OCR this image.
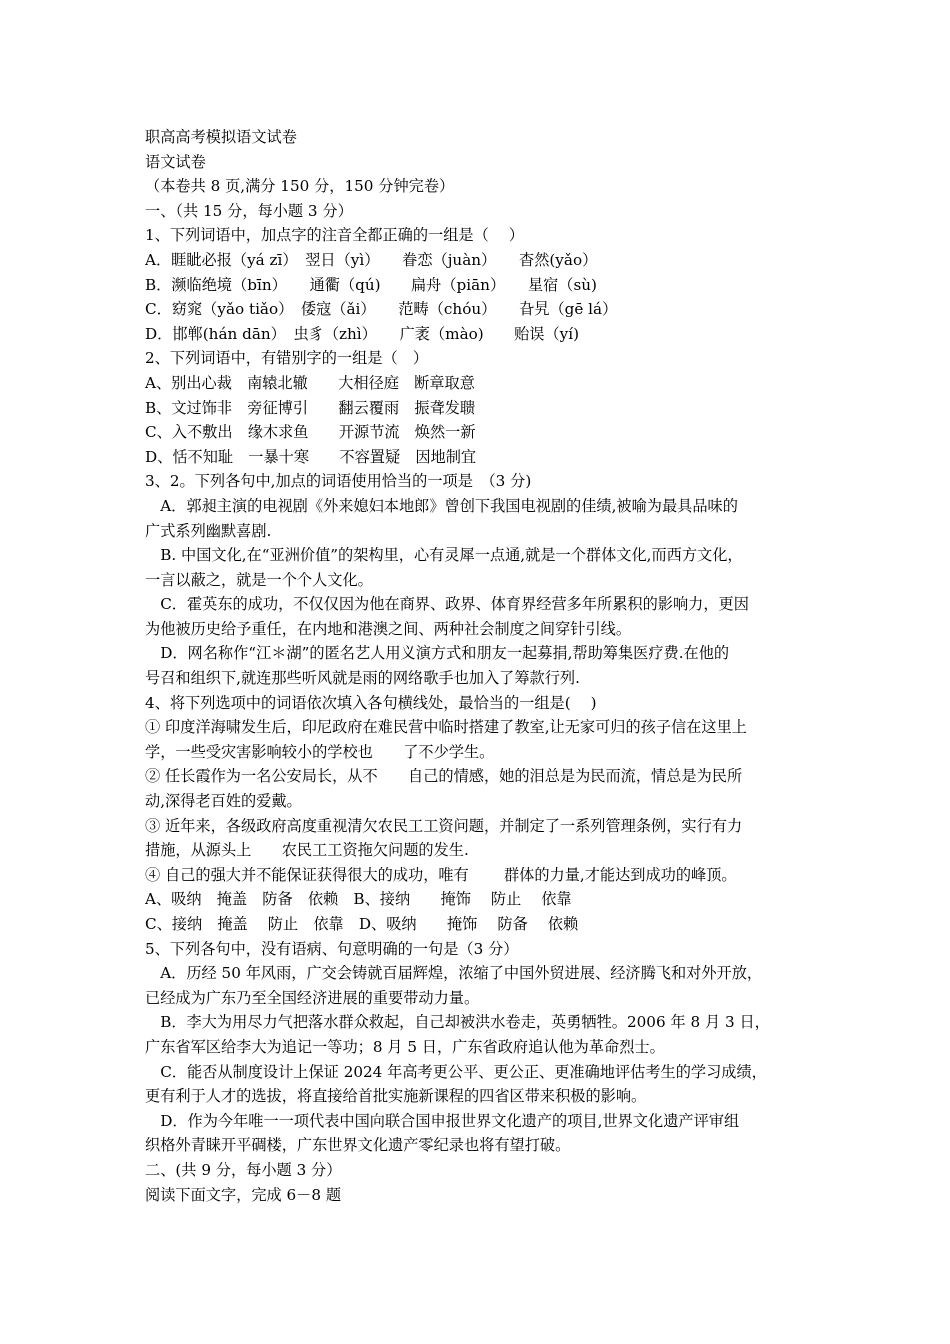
职高高考模拟语文试卷
语文试卷
（本卷共 8 页,满分 150 分，150 分钟完卷）
一、（共 15 分，每小题 3 分）
1、下列词语中，加点字的注音全都正确的一组是（　 ）
A．睚眦必报（yá zī）　翌日（yì）　　眷恋（juàn）　　杳然(yǎo）
B．濒临绝境（bīn）　　通衢（qú)　　扁舟（piān）　　星宿（sù)
C．窈窕（yǎo tiǎo）　倭寇（ǎi）　　范畴（chóu）　　旮旯（gē lá）
D．邯郸(hán dān）　虫豸（zhì）　　广袤（mào)　　贻误（yí)
2、下列词语中，有错别字的一组是（　）
A、别出心裁　南辕北辙　　大相径庭　断章取意
B、文过饰非　旁征博引　　翻云覆雨　振聋发聩
C、入不敷出　缘木求鱼　　开源节流　焕然一新
D、恬不知耻　一暴十寒　　不容置疑　因地制宜
3、2。下列各句中,加点的词语使用恰当的一项是　（3 分)
　A．郭昶主演的电视剧《外来媳妇本地郎》曾创下我国电视剧的佳绩,被喻为最具品味的
广式系列幽默喜剧.
　B. 中国文化,在“亚洲价值”的架构里，心有灵犀一点通,就是一个群体文化,而西方文化，
一言以蔽之，就是一个个人文化。
　C．霍英东的成功，不仅仅因为他在商界、政界、体育界经营多年所累积的影响力，更因
为他被历史给予重任，在内地和港澳之间、两种社会制度之间穿针引线。
　D．网名称作“江＊湖”的匿名艺人用义演方式和朋友一起募捐,帮助筹集医疗费.在他的
号召和组织下,就连那些听风就是雨的网络歌手也加入了筹款行列.
4、将下列选项中的词语依次填入各句横线处，最恰当的一组是(　 )
① 印度洋海啸发生后，印尼政府在难民营中临时搭建了教室,让无家可归的孩子信在这里上
学，一些受灾害影响较小的学校也　　了不少学生。
② 任长霞作为一名公安局长，从不　　自己的情感，她的泪总是为民而流，情总是为民所
动,深得老百姓的爱戴。
③ 近年来，各级政府高度重视清欠农民工工资问题，并制定了一系列管理条例，实行有力
措施，从源头上　　农民工工资拖欠问题的发生.
④ 自己的强大并不能保证获得很大的成功，唯有　　 群体的力量,才能达到成功的峰顶。
A、吸纳　掩盖　防备　依赖　B、接纳　　掩饰　 防止　 依靠
C、接纳　掩盖　 防止　依靠　D、吸纳　　掩饰　 防备　 依赖
5、下列各句中，没有语病、句意明确的一句是（3 分）
　A．历经 50 年风雨，广交会铸就百届辉煌，浓缩了中国外贸进展、经济腾飞和对外开放，
已经成为广东乃至全国经济进展的重要带动力量。
　B．李大为用尽力气把落水群众救起，自己却被洪水卷走，英勇牺牲。2006 年 8 月 3 日，
广东省军区给李大为追记一等功；8 月 5 日，广东省政府追认他为革命烈士。
　C．能否从制度设计上保证 2024 年高考更公平、更公正、更准确地评估考生的学习成绩，
更有利于人才的选拔，将直接给首批实施新课程的四省区带来积极的影响。
　D．作为今年唯一一项代表中国向联合国申报世界文化遗产的项目,世界文化遗产评审组
织格外青睐开平碉楼，广东世界文化遗产零纪录也将有望打破。
二、(共 9 分，每小题 3 分）
阅读下面文字，完成 6－8 题
